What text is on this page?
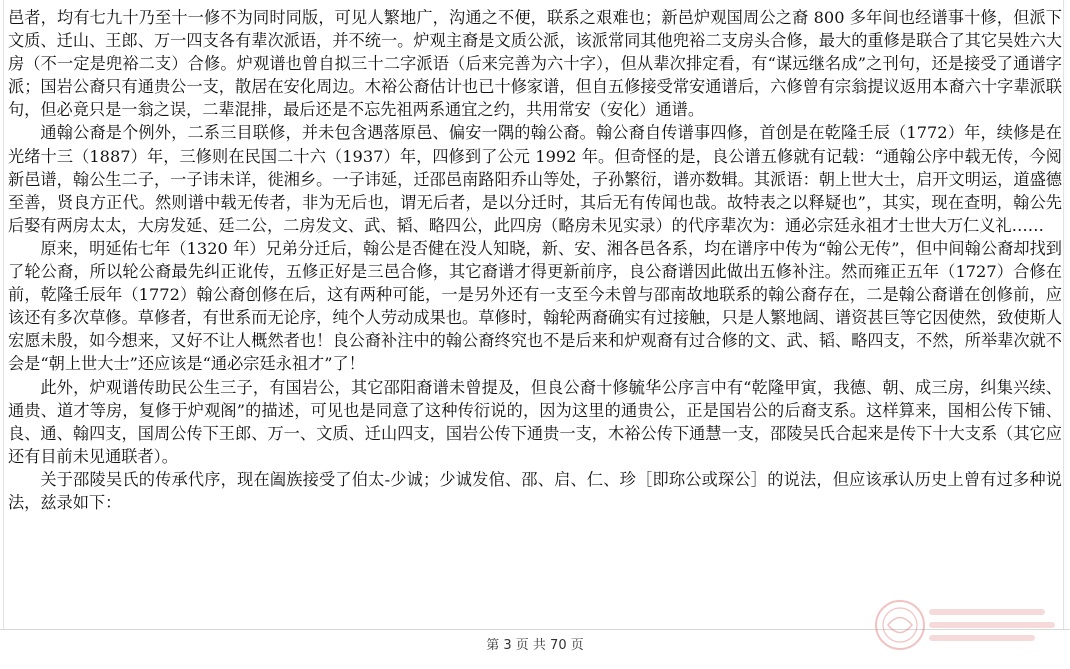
邑者，均有七九十乃至十一修不为同时同版，可见人繁地广，沟通之不便，联系之艰难也；新邑炉观国周公之裔 800 多年间也经谱事十修，但派下文质、迁山、王郎、万一四支各有辈次派语，并不统一。炉观主裔是文质公派，该派常同其他兜裕二支房头合修，最大的重修是联合了其它吴姓六大房（不一定是兜裕二支）合修。炉观谱也曾自拟三十二字派语（后来完善为六十字），但从辈次排定看，有“谋远继名成”之刊句，还是接受了通谱字派；国岩公裔只有通贵公一支，散居在安化周边。木裕公裔估计也已十修家谱，但自五修接受常安通谱后，六修曾有宗翁提议返用本裔六十字辈派联句，但必竟只是一翁之误，二辈混排，最后还是不忘先祖两系通宜之约，共用常安（安化）通谱。

通翰公裔是个例外，二系三目联修，并未包含遇落原邑、偏安一隅的翰公裔。翰公裔自传谱事四修，首创是在乾隆壬辰（1772）年，续修是在光绪十三（1887）年，三修则在民国二十六（1937）年，四修到了公元 1992 年。但奇怪的是，良公谱五修就有记载：“通翰公序中载无传，今阅新邑谱，翰公生二子，一子讳未详，徙湘乡。一子讳延，迁邵邑南路阳乔山等处，子孙繁衍，谱亦数辑。其派语：朝上世大士，启开文明运，道盛德至善，贤良方正代。然则谱中载无传者，非为无后也，谓无后者，是以分迁时，其后无有传闻也哉。故特表之以释疑也”，其实，现在查明，翰公先后娶有两房太太，大房发延、廷二公，二房发文、武、韬、略四公，此四房（略房未见实录）的代序辈次为：通必宗廷永祖才士世大万仁义礼……

原来，明延佑七年（1320 年）兄弟分迁后，翰公是否健在没人知晓，新、安、湘各邑各系，均在谱序中传为“翰公无传”，但中间翰公裔却找到了轮公裔，所以轮公裔最先纠正讹传，五修正好是三邑合修，其它裔谱才得更新前序，良公裔谱因此做出五修补注。然而雍正五年（1727）合修在前，乾隆壬辰年（1772）翰公裔创修在后，这有两种可能，一是另外还有一支至今未曾与邵南故地联系的翰公裔存在，二是翰公裔谱在创修前，应该还有多次草修。草修者，有世系而无论序，纯个人劳动成果也。草修时，翰轮两裔确实有过接触，只是人繁地阔、谱资甚巨等它因使然，致使斯人宏愿未殷，如今想来，又好不让人概然者也！良公裔补注中的翰公裔终究也不是后来和炉观裔有过合修的文、武、韬、略四支，不然，所举辈次就不会是“朝上世大士”还应该是“通必宗廷永祖才”了！

此外，炉观谱传助民公生三子，有国岩公，其它邵阳裔谱未曾提及，但良公裔十修毓华公序言中有“乾隆甲寅，我德、朝、成三房，纠集兴续、通贵、道才等房，复修于炉观阁”的描述，可见也是同意了这种传衍说的，因为这里的通贵公，正是国岩公的后裔支系。这样算来，国相公传下铺、良、通、翰四支，国周公传下王郎、万一、文质、迁山四支，国岩公传下通贵一支，木裕公传下通慧一支，邵陵吴氏合起来是传下十大支系（其它应还有目前未见通联者）。

关于邵陵吴氏的传承代序，现在阖族接受了伯太-少诚；少诚发倌、邵、启、仁、珍［即珎公或琛公］的说法，但应该承认历史上曾有过多种说法，兹录如下：

第 3 页 共 70 页
